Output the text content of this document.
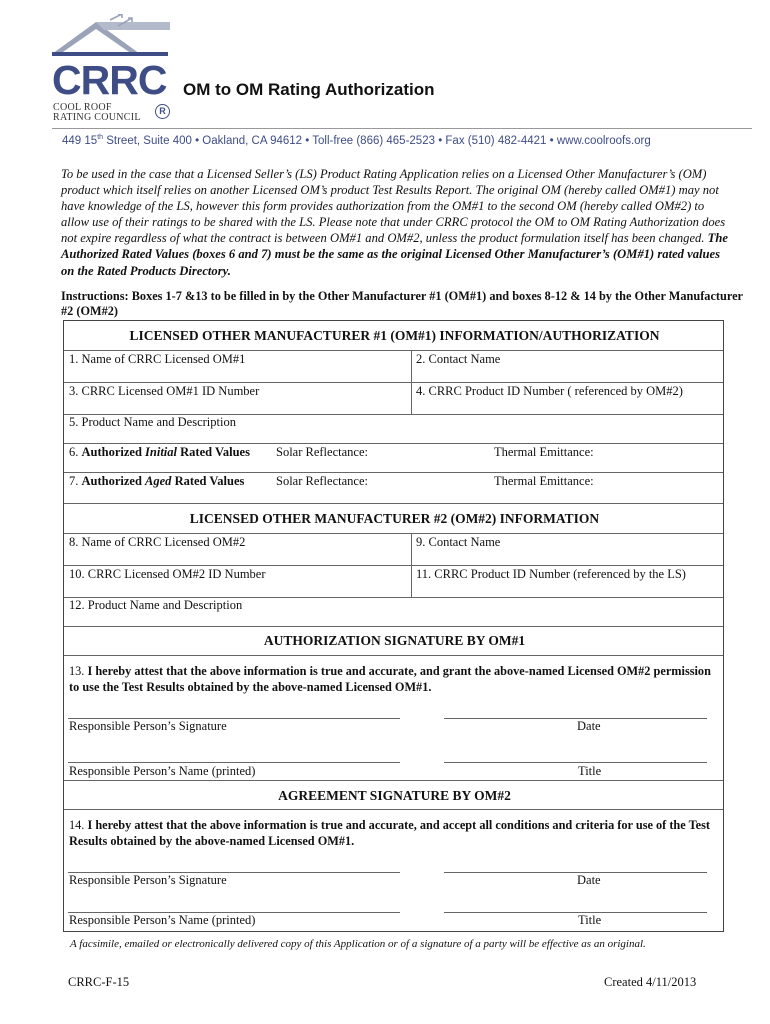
CRRC
COOL ROOF
RATING COUNCIL
R
OM to OM Rating Authorization
449 15th Street, Suite 400 • Oakland, CA 94612 • Toll-free (866) 465-2523 • Fax (510) 482-4421 • www.coolroofs.org
To be used in the case that a Licensed Seller’s (LS) Product Rating Application relies on a Licensed Other Manufacturer’s (OM) product which itself relies on another Licensed OM’s product Test Results Report. The original OM (hereby called OM#1) may not have knowledge of the LS, however this form provides authorization from the OM#1 to the second OM (hereby called OM#2) to allow use of their ratings to be shared with the LS. Please note that under CRRC protocol the OM to OM Rating Authorization does not expire regardless of what the contract is between OM#1 and OM#2, unless the product formulation itself has been changed. The Authorized Rated Values (boxes 6 and 7) must be the same as the original Licensed Other Manufacturer’s (OM#1) rated values on the Rated Products Directory.
Instructions: Boxes 1-7 &13 to be filled in by the Other Manufacturer #1 (OM#1) and boxes 8-12 & 14 by the Other Manufacturer #2 (OM#2)
LICENSED OTHER MANUFACTURER #1 (OM#1) INFORMATION/AUTHORIZATION
1. Name of CRRC Licensed OM#1	2. Contact Name
3. CRRC Licensed OM#1 ID Number	4. CRRC Product ID Number ( referenced by OM#2)
5. Product Name and Description
6. Authorized Initial Rated Values Solar Reflectance:	Thermal Emittance:
7. Authorized Aged Rated Values	Solar Reflectance:	Thermal Emittance:
LICENSED OTHER MANUFACTURER #2 (OM#2) INFORMATION
8. Name of CRRC Licensed OM#2	9. Contact Name
10. CRRC Licensed OM#2 ID Number	11. CRRC Product ID Number (referenced by the LS)
12. Product Name and Description
AUTHORIZATION SIGNATURE BY OM#1
13. I hereby attest that the above information is true and accurate, and grant the above-named Licensed OM#2 permission to use the Test Results obtained by the above-named Licensed OM#1.
Responsible Person’s Signature	Date
Responsible Person’s Name (printed)	Title
AGREEMENT SIGNATURE BY OM#2
14. I hereby attest that the above information is true and accurate, and accept all conditions and criteria for use of the Test Results obtained by the above-named Licensed OM#1.
Responsible Person’s Signature	Date
Responsible Person’s Name (printed)	Title
A facsimile, emailed or electronically delivered copy of this Application or of a signature of a party will be effective as an original.
CRRC-F-15	Created 4/11/2013
